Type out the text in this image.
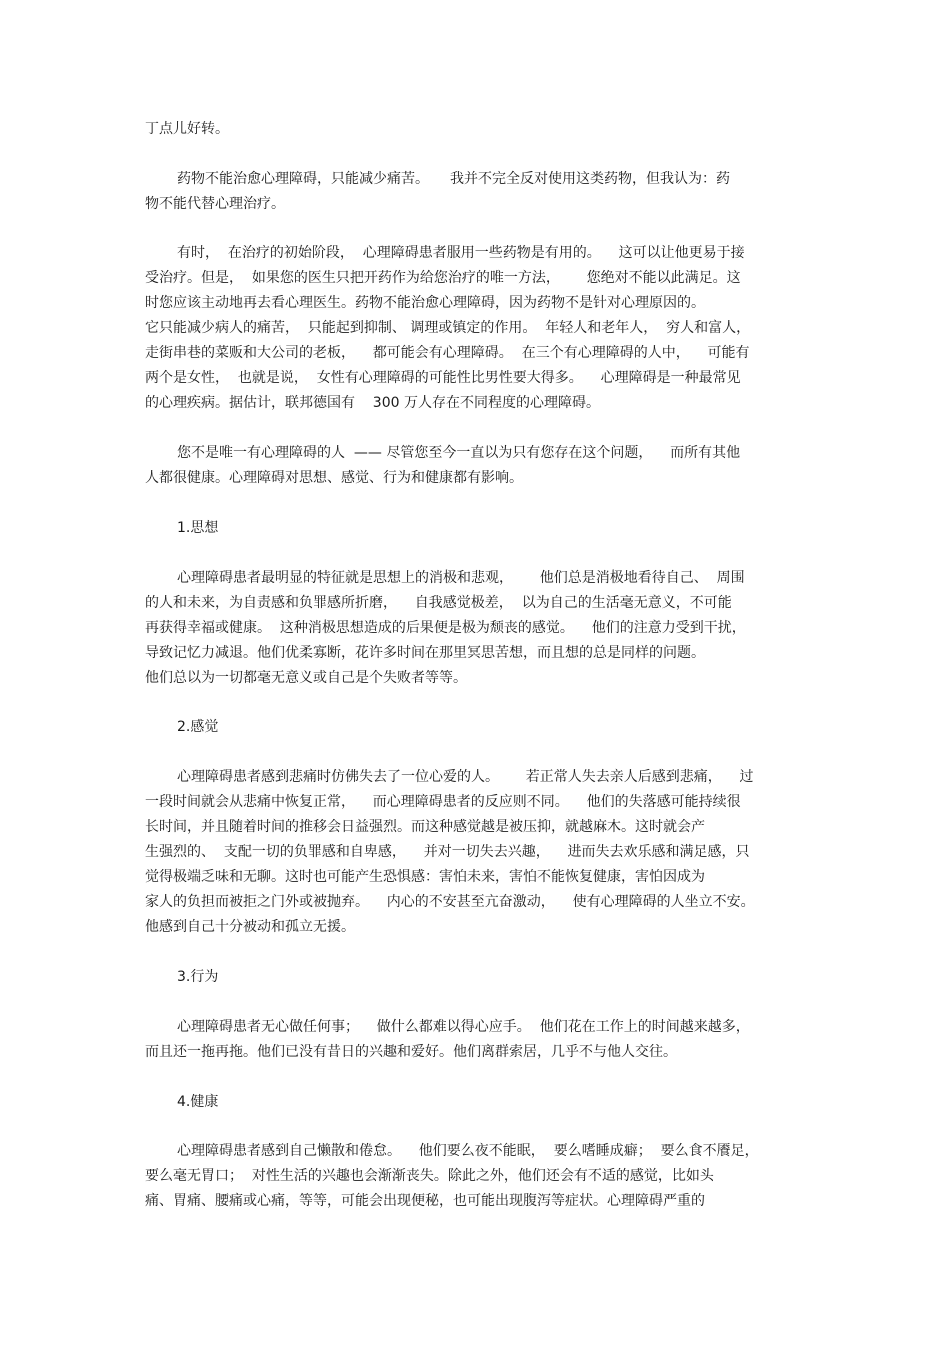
丁点儿好转。
药物不能治愈心理障碍，只能减少痛苦。　　我并不完全反对使用这类药物，但我认为：药
物不能代替心理治疗。
有时，  在治疗的初始阶段，  心理障碍患者服用一些药物是有用的。    这可以让他更易于接
受治疗。但是，  如果您的医生只把开药作为给您治疗的唯一方法，      您绝对不能以此满足。这
时您应该主动地再去看心理医生。药物不能治愈心理障碍，因为药物不是针对心理原因的。
它只能减少病人的痛苦，  只能起到抑制、 调理或镇定的作用。  年轻人和老年人，  穷人和富人，
走街串巷的菜贩和大公司的老板，    都可能会有心理障碍。  在三个有心理障碍的人中，    可能有
两个是女性，  也就是说，  女性有心理障碍的可能性比男性要大得多。    心理障碍是一种最常见
的心理疾病。据估计，联邦德国有    300 万人存在不同程度的心理障碍。
您不是唯一有心理障碍的人  —— 尽管您至今一直以为只有您存在这个问题，    而所有其他
人都很健康。心理障碍对思想、感觉、行为和健康都有影响。
1.思想
心理障碍患者最明显的特征就是思想上的消极和悲观，      他们总是消极地看待自己、  周围
的人和未来，为自责感和负罪感所折磨，    自我感觉极差，  以为自己的生活毫无意义，不可能
再获得幸福或健康。  这种消极思想造成的后果便是极为颓丧的感觉。    他们的注意力受到干扰，
导致记忆力减退。他们优柔寡断，花许多时间在那里冥思苦想，而且想的总是同样的问题。
他们总以为一切都毫无意义或自己是个失败者等等。
2.感觉
心理障碍患者感到悲痛时仿佛失去了一位心爱的人。      若正常人失去亲人后感到悲痛，    过
一段时间就会从悲痛中恢复正常，    而心理障碍患者的反应则不同。    他们的失落感可能持续很
长时间，并且随着时间的推移会日益强烈。而这种感觉越是被压抑，就越麻木。这时就会产
生强烈的、  支配一切的负罪感和自卑感，    并对一切失去兴趣，    进而失去欢乐感和满足感，只
觉得极端乏味和无聊。这时也可能产生恐惧感：害怕未来，害怕不能恢复健康，害怕因成为
家人的负担而被拒之门外或被抛弃。    内心的不安甚至亢奋激动，    使有心理障碍的人坐立不安。
他感到自己十分被动和孤立无援。
3.行为
心理障碍患者无心做任何事；    做什么都难以得心应手。  他们花在工作上的时间越来越多，
而且还一拖再拖。他们已没有昔日的兴趣和爱好。他们离群索居，几乎不与他人交往。
4.健康
心理障碍患者感到自己懒散和倦怠。    他们要么夜不能眠，  要么嗜睡成癖；  要么食不餍足，
要么毫无胃口；  对性生活的兴趣也会渐渐丧失。除此之外，他们还会有不适的感觉，比如头
痛、胃痛、腰痛或心痛，等等，可能会出现便秘，也可能出现腹泻等症状。心理障碍严重的
